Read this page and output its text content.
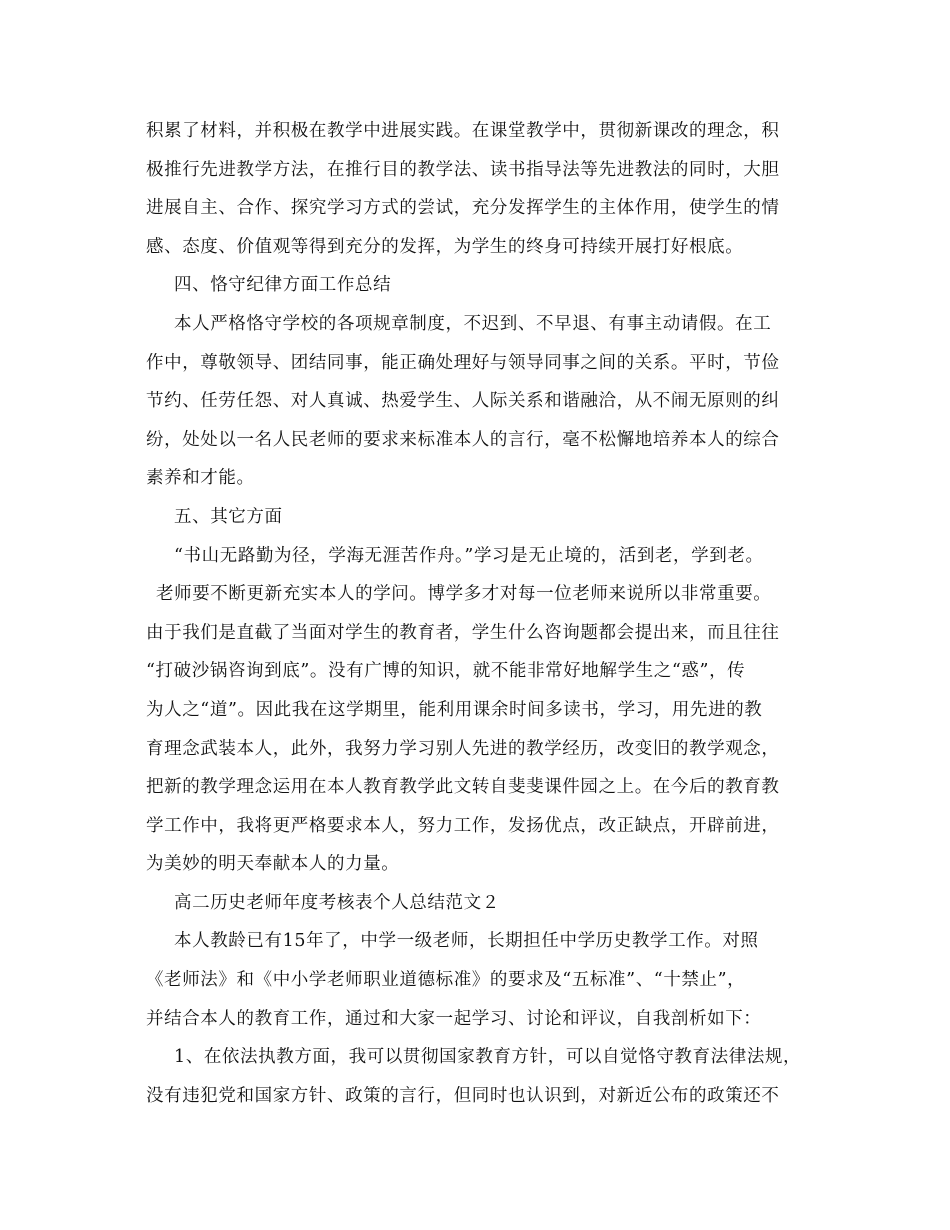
积累了材料，并积极在教学中进展实践。在课堂教学中，贯彻新课改的理念，积
极推行先进教学方法，在推行目的教学法、读书指导法等先进教法的同时，大胆
进展自主、合作、探究学习方式的尝试，充分发挥学生的主体作用，使学生的情
感、态度、价值观等得到充分的发挥，为学生的终身可持续开展打好根底。
四、恪守纪律方面工作总结
本人严格恪守学校的各项规章制度，不迟到、不早退、有事主动请假。在工
作中，尊敬领导、团结同事，能正确处理好与领导同事之间的关系。平时，节俭
节约、任劳任怨、对人真诚、热爱学生、人际关系和谐融洽，从不闹无原则的纠
纷，处处以一名人民老师的要求来标准本人的言行，毫不松懈地培养本人的综合
素养和才能。
五、其它方面
“书山无路勤为径，学海无涯苦作舟。”学习是无止境的，活到老，学到老。
老师要不断更新充实本人的学问。博学多才对每一位老师来说所以非常重要。
由于我们是直截了当面对学生的教育者，学生什么咨询题都会提出来，而且往往
“打破沙锅咨询到底”。没有广博的知识，就不能非常好地解学生之“惑”，传
为人之“道”。因此我在这学期里，能利用课余时间多读书，学习，用先进的教
育理念武装本人，此外，我努力学习别人先进的教学经历，改变旧的教学观念，
把新的教学理念运用在本人教育教学此文转自斐斐课件园之上。在今后的教育教
学工作中，我将更严格要求本人，努力工作，发扬优点，改正缺点，开辟前进，
为美妙的明天奉献本人的力量。
高二历史老师年度考核表个人总结范文２
本人教龄已有15年了，中学一级老师，长期担任中学历史教学工作。对照
《老师法》和《中小学老师职业道德标准》的要求及“五标准”、“十禁止”，
并结合本人的教育工作，通过和大家一起学习、讨论和评议，自我剖析如下：
1、在依法执教方面，我可以贯彻国家教育方针，可以自觉恪守教育法律法规，
没有违犯党和国家方针、政策的言行，但同时也认识到，对新近公布的政策还不
